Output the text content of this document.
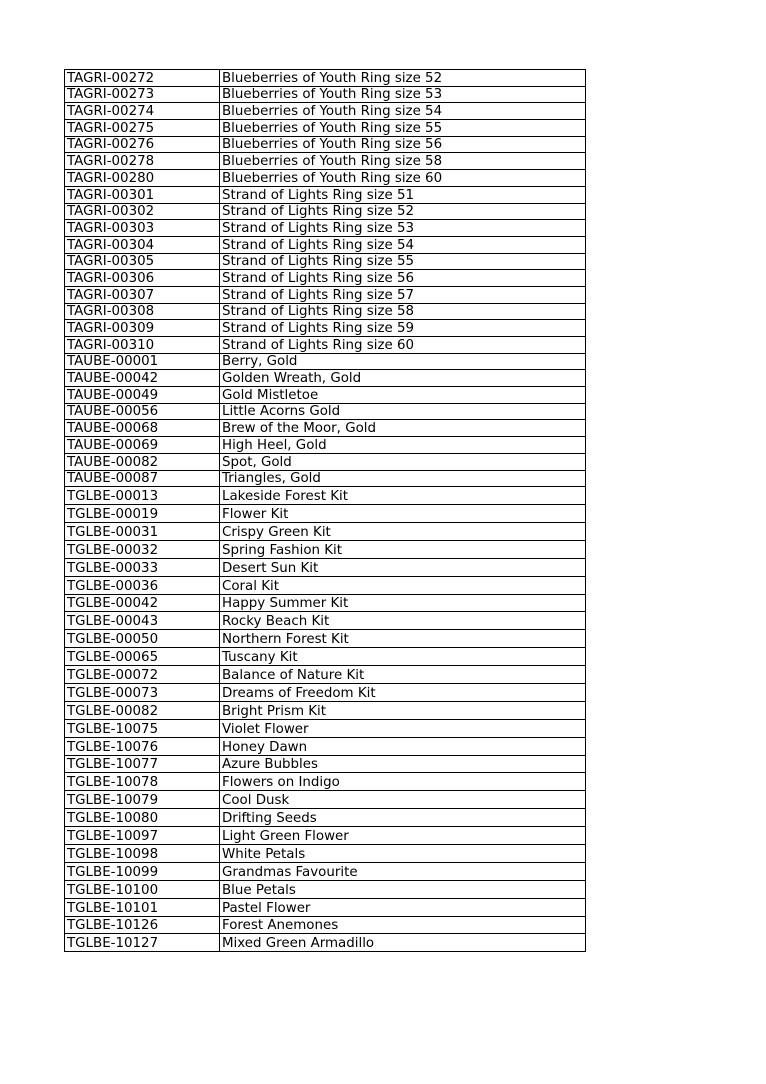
TAGRI-00272	Blueberries of Youth Ring size 52
TAGRI-00273	Blueberries of Youth Ring size 53
TAGRI-00274	Blueberries of Youth Ring size 54
TAGRI-00275	Blueberries of Youth Ring size 55
TAGRI-00276	Blueberries of Youth Ring size 56
TAGRI-00278	Blueberries of Youth Ring size 58
TAGRI-00280	Blueberries of Youth Ring size 60
TAGRI-00301	Strand of Lights Ring size 51
TAGRI-00302	Strand of Lights Ring size 52
TAGRI-00303	Strand of Lights Ring size 53
TAGRI-00304	Strand of Lights Ring size 54
TAGRI-00305	Strand of Lights Ring size 55
TAGRI-00306	Strand of Lights Ring size 56
TAGRI-00307	Strand of Lights Ring size 57
TAGRI-00308	Strand of Lights Ring size 58
TAGRI-00309	Strand of Lights Ring size 59
TAGRI-00310	Strand of Lights Ring size 60
TAUBE-00001	Berry, Gold
TAUBE-00042	Golden Wreath, Gold
TAUBE-00049	Gold Mistletoe
TAUBE-00056	Little Acorns Gold
TAUBE-00068	Brew of the Moor, Gold
TAUBE-00069	High Heel, Gold
TAUBE-00082	Spot, Gold
TAUBE-00087	Triangles, Gold
TGLBE-00013	Lakeside Forest Kit
TGLBE-00019	Flower Kit
TGLBE-00031	Crispy Green Kit
TGLBE-00032	Spring Fashion Kit
TGLBE-00033	Desert Sun Kit
TGLBE-00036	Coral Kit
TGLBE-00042	Happy Summer Kit
TGLBE-00043	Rocky Beach Kit
TGLBE-00050	Northern Forest Kit
TGLBE-00065	Tuscany Kit
TGLBE-00072	Balance of Nature Kit
TGLBE-00073	Dreams of Freedom Kit
TGLBE-00082	Bright Prism Kit
TGLBE-10075	Violet Flower
TGLBE-10076	Honey Dawn
TGLBE-10077	Azure Bubbles
TGLBE-10078	Flowers on Indigo
TGLBE-10079	Cool Dusk
TGLBE-10080	Drifting Seeds
TGLBE-10097	Light Green Flower
TGLBE-10098	White Petals
TGLBE-10099	Grandmas Favourite
TGLBE-10100	Blue Petals
TGLBE-10101	Pastel Flower
TGLBE-10126	Forest Anemones
TGLBE-10127	Mixed Green Armadillo
